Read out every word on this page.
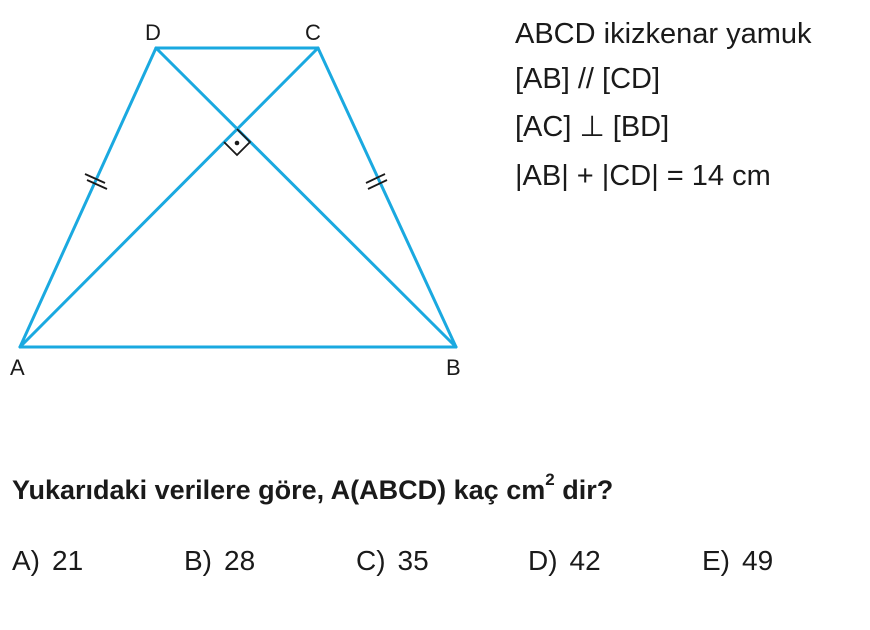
D	C
A	B
ABCD ikizkenar yamuk
[AB] // [CD]
[AC] ⊥ [BD]
|AB| + |CD| = 14 cm
Yukarıdaki verilere göre, A(ABCD) kaç $cm^2$ dir?
A) 21	B) 28	C) 35	D) 42	E) 49
